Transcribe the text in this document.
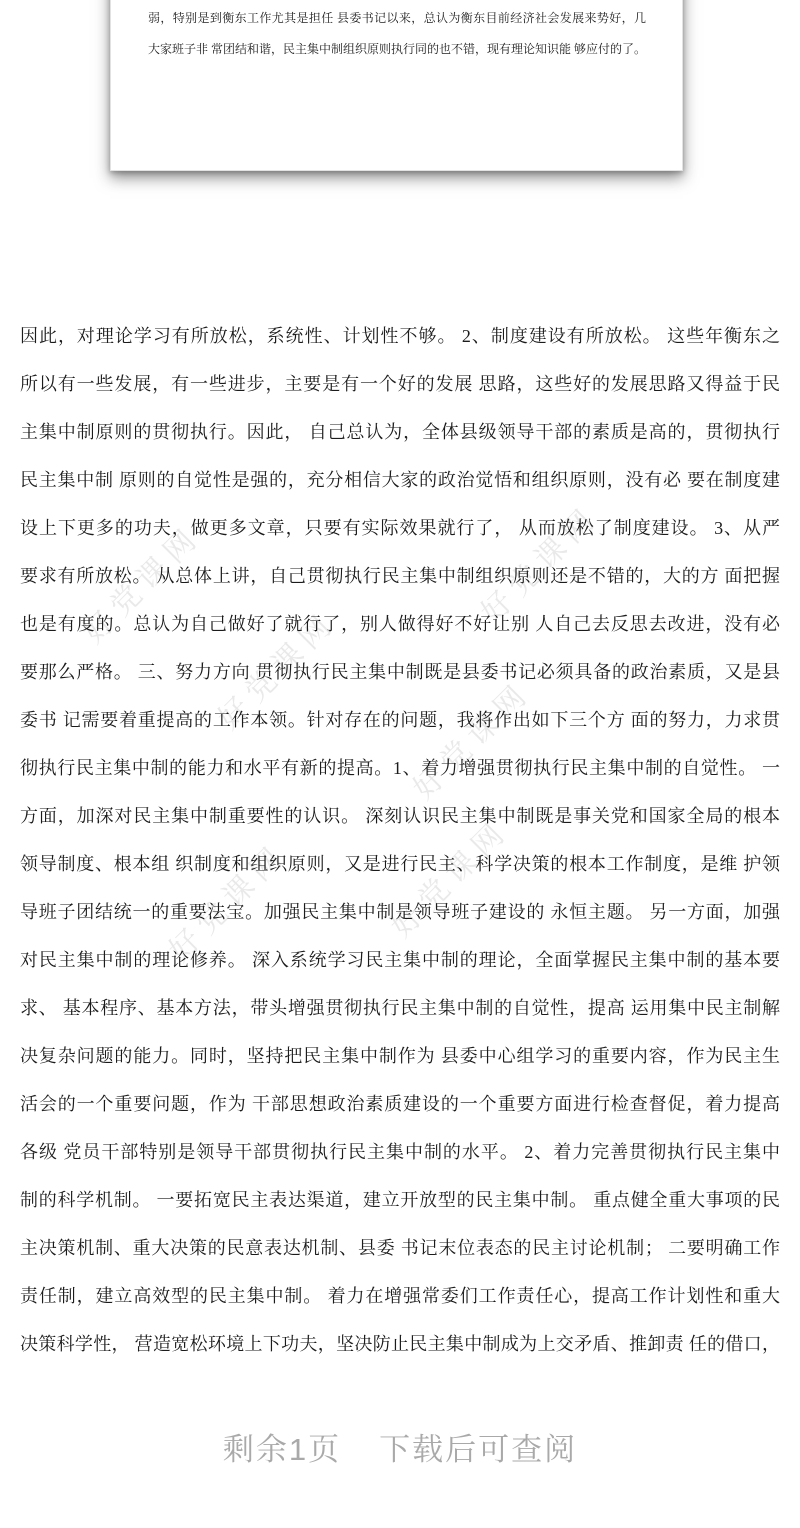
弱，特别是到衡东工作尤其是担任 县委书记以来，总认为衡东目前经济社会发展来势好，几
大家班子非 常团结和谐，民主集中制组织原则执行同的也不错，现有理论知识能 够应付的了。
好党课网	好党课网
好党课网
好党课网
好党课网	好党课网
因此，对理论学习有所放松，系统性、计划性不够。 2、制度建设有所放松。 这些年衡东之
所以有一些发展，有一些进步，主要是有一个好的发展 思路，这些好的发展思路又得益于民
主集中制原则的贯彻执行。因此， 自己总认为，全体县级领导干部的素质是高的，贯彻执行
民主集中制 原则的自觉性是强的，充分相信大家的政治觉悟和组织原则，没有必 要在制度建
设上下更多的功夫，做更多文章，只要有实际效果就行了， 从而放松了制度建设。 3、从严
要求有所放松。 从总体上讲，自己贯彻执行民主集中制组织原则还是不错的，大的方 面把握
也是有度的。总认为自己做好了就行了，别人做得好不好让别 人自己去反思去改进，没有必
要那么严格。 三、努力方向 贯彻执行民主集中制既是县委书记必须具备的政治素质，又是县
委书 记需要着重提高的工作本领。针对存在的问题，我将作出如下三个方 面的努力，力求贯
彻执行民主集中制的能力和水平有新的提高。1、着力增强贯彻执行民主集中制的自觉性。 一
方面，加深对民主集中制重要性的认识。 深刻认识民主集中制既是事关党和国家全局的根本
领导制度、根本组 织制度和组织原则，又是进行民主、科学决策的根本工作制度，是维 护领
导班子团结统一的重要法宝。加强民主集中制是领导班子建设的 永恒主题。 另一方面，加强
对民主集中制的理论修养。 深入系统学习民主集中制的理论，全面掌握民主集中制的基本要
求、 基本程序、基本方法，带头增强贯彻执行民主集中制的自觉性，提高 运用集中民主制解
决复杂问题的能力。同时，坚持把民主集中制作为 县委中心组学习的重要内容，作为民主生
活会的一个重要问题，作为 干部思想政治素质建设的一个重要方面进行检查督促，着力提高
各级 党员干部特别是领导干部贯彻执行民主集中制的水平。 2、着力完善贯彻执行民主集中
制的科学机制。 一要拓宽民主表达渠道，建立开放型的民主集中制。 重点健全重大事项的民
主决策机制、重大决策的民意表达机制、县委 书记末位表态的民主讨论机制； 二要明确工作
责任制，建立高效型的民主集中制。 着力在增强常委们工作责任心，提高工作计划性和重大
决策科学性， 营造宽松环境上下功夫，坚决防止民主集中制成为上交矛盾、推卸责 任的借口，
剩余1页 下载后可查阅
